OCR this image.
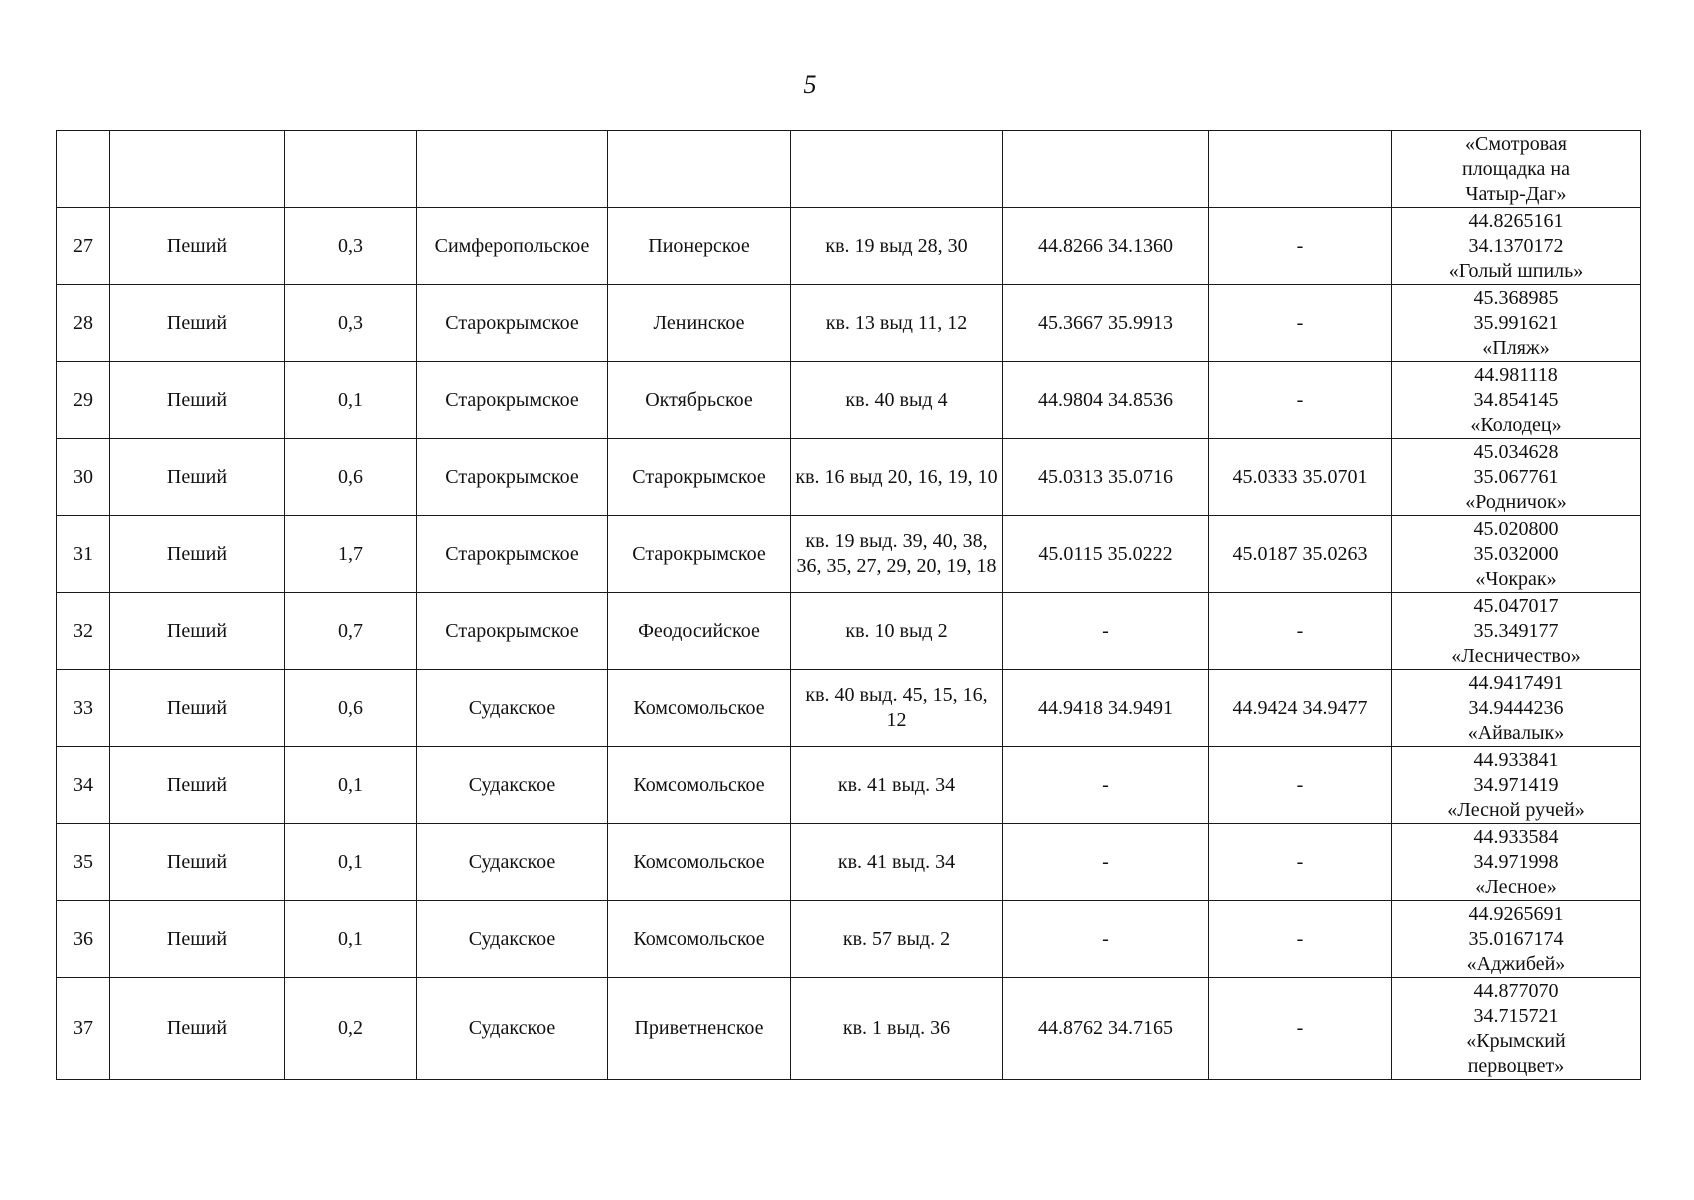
5

								«Смотровая
площадка на
Чатыр-Даг»

27	Пеший	0,3	Симферопольское	Пионерское	кв. 19 выд 28, 30	44.8266 34.1360	-	44.8265161
34.1370172
«Голый шпиль»

28	Пеший	0,3	Старокрымское	Ленинское	кв. 13 выд 11, 12	45.3667 35.9913	-	45.368985
35.991621
«Пляж»

29	Пеший	0,1	Старокрымское	Октябрьское	кв. 40 выд 4	44.9804 34.8536	-	44.981118
34.854145
«Колодец»

30	Пеший	0,6	Старокрымское	Старокрымское	кв. 16 выд 20, 16, 19, 10	45.0313 35.0716	45.0333 35.0701	45.034628
35.067761
«Родничок»

31	Пеший	1,7	Старокрымское	Старокрымское	кв. 19 выд. 39, 40, 38, 36, 35, 27, 29, 20, 19, 18	45.0115 35.0222	45.0187 35.0263	45.020800
35.032000
«Чокрак»

32	Пеший	0,7	Старокрымское	Феодосийское	кв. 10 выд 2	-	-	45.047017
35.349177
«Лесничество»

33	Пеший	0,6	Судакское	Комсомольское	кв. 40 выд. 45, 15, 16, 12	44.9418 34.9491	44.9424 34.9477	44.9417491
34.9444236
«Айвалык»

34	Пеший	0,1	Судакское	Комсомольское	кв. 41 выд. 34	-	-	44.933841
34.971419
«Лесной ручей»

35	Пеший	0,1	Судакское	Комсомольское	кв. 41 выд. 34	-	-	44.933584
34.971998
«Лесное»

36	Пеший	0,1	Судакское	Комсомольское	кв. 57 выд. 2	-	-	44.9265691
35.0167174
«Аджибей»

37	Пеший	0,2	Судакское	Приветненское	кв. 1 выд. 36	44.8762 34.7165	-	44.877070
34.715721
«Крымский
первоцвет»
